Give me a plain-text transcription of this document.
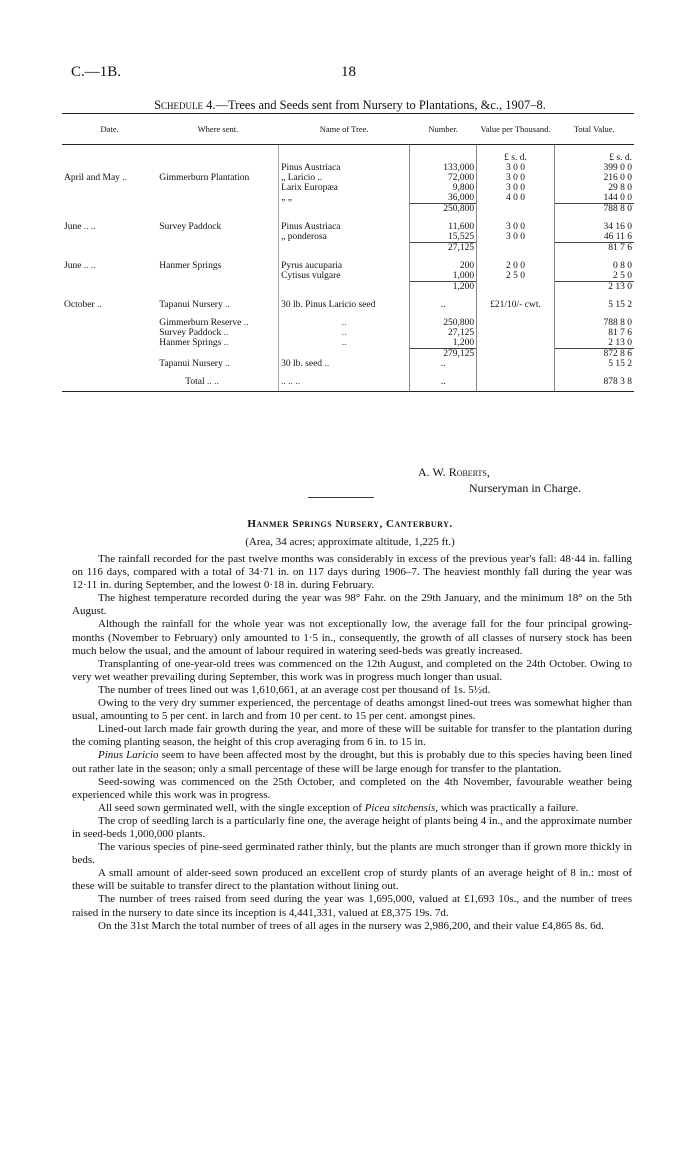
C.—1B.	18
Schedule 4.—Trees and Seeds sent from Nursery to Plantations, &c., 1907–8.
Date.	Where sent.	Name of Tree.	Number.	Value per Thousand.	Total Value.

				£ s. d.	£ s. d.
		Pinus Austriaca	133,000	3 0 0	399 0 0
April and May ..	Gimmerburn Plantation	„ Laricio ..	72,000	3 0 0	216 0 0
		Larix Europæa	9,800	3 0 0	29 8 0
		„ „	36,000	4 0 0	144 0 0
			250,800		788 8 0

June .. ..	Survey Paddock	Pinus Austriaca	11,600	3 0 0	34 16 0
		„ ponderosa	15,525	3 0 0	46 11 6
			27,125		81 7 6

June .. ..	Hanmer Springs	Pyrus aucuparia	200	2 0 0	0 8 0
		Cytisus vulgare	1,000	2 5 0	2 5 0
			1,200		2 13 0

October ..	Tapanui Nursery ..	30 lb. Pinus Laricio seed	..	£21/10/- cwt.	5 15 2

	Gimmerburn Reserve ..	..	250,800		788 8 0
	Survey Paddock ..	..	27,125		81 7 6
	Hanmer Springs ..	..	1,200		2 13 0
			279,125		872 8 6
	Tapanui Nursery ..	30 lb. seed ..	..		5 15 2

	Total .. ..	.. .. ..	..		878 3 8
A. W. Roberts,
Nurseryman in Charge.
Hanmer Springs Nursery, Canterbury.
(Area, 34 acres; approximate altitude, 1,225 ft.)

The rainfall recorded for the past twelve months was considerably in excess of the previous year's fall: 48·44 in. falling on 116 days, compared with a total of 34·71 in. on 117 days during 1906–7. The heaviest monthly fall during the year was 12·11 in. during September, and the lowest 0·18 in. during February.

The highest temperature recorded during the year was 98° Fahr. on the 29th January, and the minimum 18° on the 5th August.

Although the rainfall for the whole year was not exceptionally low, the average fall for the four principal growing-months (November to February) only amounted to 1·5 in., consequently, the growth of all classes of nursery stock has been much below the usual, and the amount of labour required in watering seed-beds was greatly increased.

Transplanting of one-year-old trees was commenced on the 12th August, and completed on the 24th October. Owing to very wet weather prevailing during September, this work was in progress much longer than usual.

The number of trees lined out was 1,610,661, at an average cost per thousand of 1s. 5½d.

Owing to the very dry summer experienced, the percentage of deaths amongst lined-out trees was somewhat higher than usual, amounting to 5 per cent. in larch and from 10 per cent. to 15 per cent. amongst pines.

Lined-out larch made fair growth during the year, and more of these will be suitable for transfer to the plantation during the coming planting season, the height of this crop averaging from 6 in. to 15 in.

Pinus Laricio seem to have been affected most by the drought, but this is probably due to this species having been lined out rather late in the season; only a small percentage of these will be large enough for transfer to the plantation.

Seed-sowing was commenced on the 25th October, and completed on the 4th November, favourable weather being experienced while this work was in progress.

All seed sown germinated well, with the single exception of Picea sitchensis, which was practically a failure.

The crop of seedling larch is a particularly fine one, the average height of plants being 4 in., and the approximate number in seed-beds 1,000,000 plants.

The various species of pine-seed germinated rather thinly, but the plants are much stronger than if grown more thickly in beds.

A small amount of alder-seed sown produced an excellent crop of sturdy plants of an average height of 8 in.: most of these will be suitable to transfer direct to the plantation without lining out.

The number of trees raised from seed during the year was 1,695,000, valued at £1,693 10s., and the number of trees raised in the nursery to date since its inception is 4,441,331, valued at £8,375 19s. 7d.

On the 31st March the total number of trees of all ages in the nursery was 2,986,200, and their value £4,865 8s. 6d.
